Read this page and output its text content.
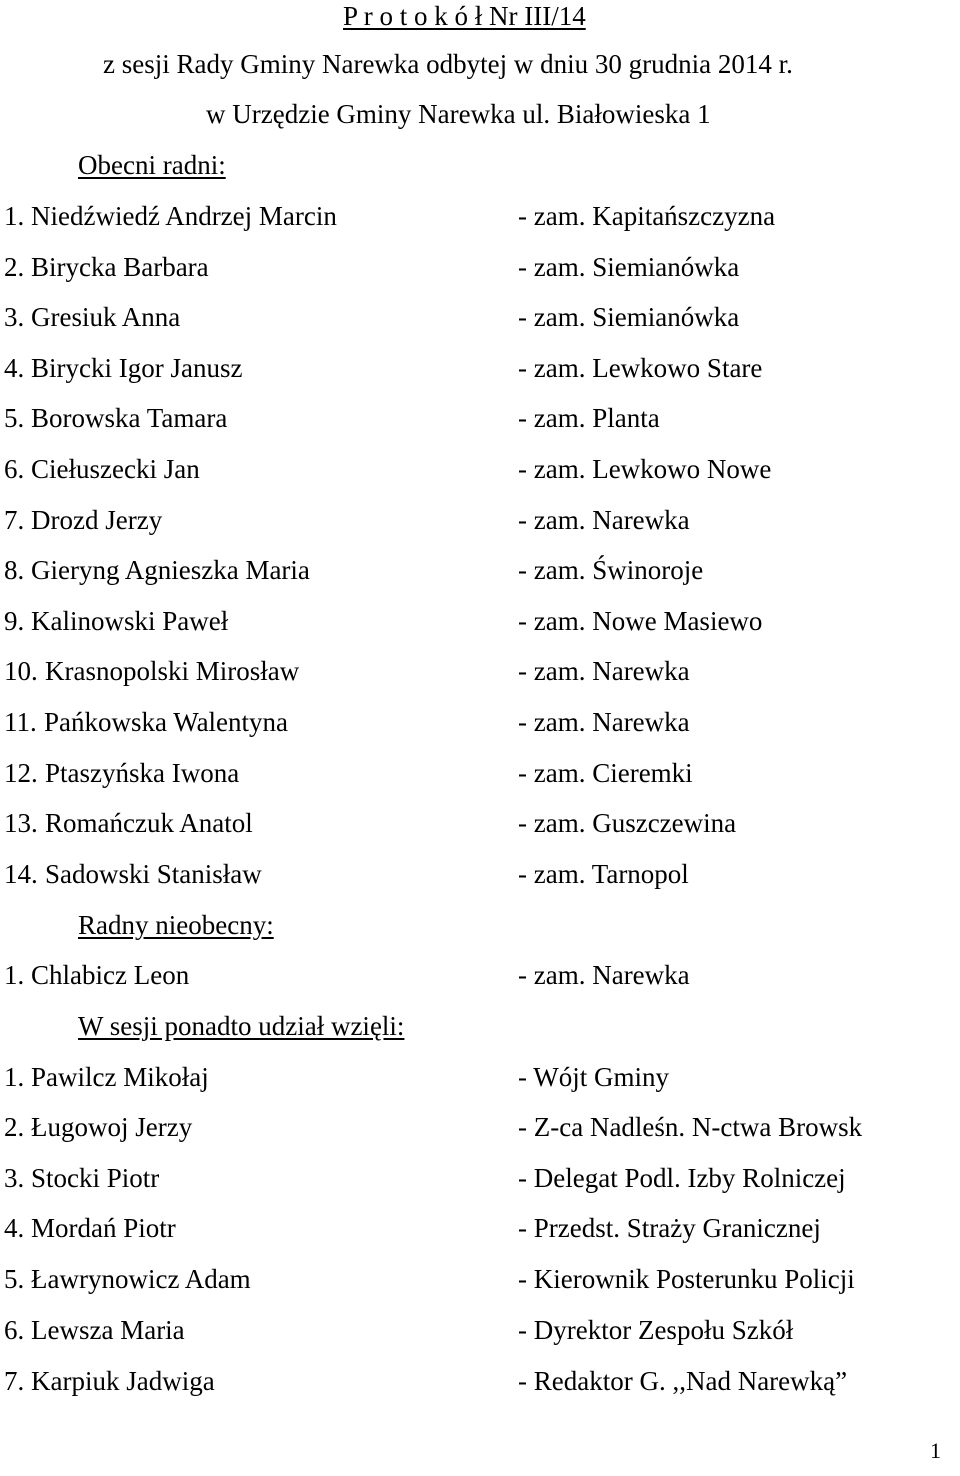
P r o t o k ó ł Nr III/14
z sesji Rady Gminy Narewka odbytej w dniu 30 grudnia 2014 r.
w Urzędzie Gminy Narewka ul. Białowieska 1
Obecni radni:
1. Niedźwiedź Andrzej Marcin	- zam. Kapitańszczyzna
2. Birycka Barbara	- zam. Siemianówka
3. Gresiuk Anna	- zam. Siemianówka
4. Birycki Igor Janusz	- zam. Lewkowo Stare
5. Borowska Tamara	- zam. Planta
6. Ciełuszecki Jan	- zam. Lewkowo Nowe
7. Drozd Jerzy	- zam. Narewka
8. Gieryng Agnieszka Maria	- zam. Świnoroje
9. Kalinowski Paweł	- zam. Nowe Masiewo
10. Krasnopolski Mirosław	- zam. Narewka
11. Pańkowska Walentyna	- zam. Narewka
12. Ptaszyńska Iwona	- zam. Cieremki
13. Romańczuk Anatol	- zam. Guszczewina
14. Sadowski Stanisław	- zam. Tarnopol
Radny nieobecny:
1. Chlabicz Leon	- zam. Narewka
W sesji ponadto udział wzięli:
1. Pawilcz Mikołaj	- Wójt Gminy
2. Ługowoj Jerzy	- Z-ca Nadleśn. N-ctwa Browsk
3. Stocki Piotr	- Delegat Podl. Izby Rolniczej
4. Mordań Piotr	- Przedst. Straży Granicznej
5. Ławrynowicz Adam	- Kierownik Posterunku Policji
6. Lewsza Maria	- Dyrektor Zespołu Szkół
7. Karpiuk Jadwiga	- Redaktor G. ,,Nad Narewką”
1
